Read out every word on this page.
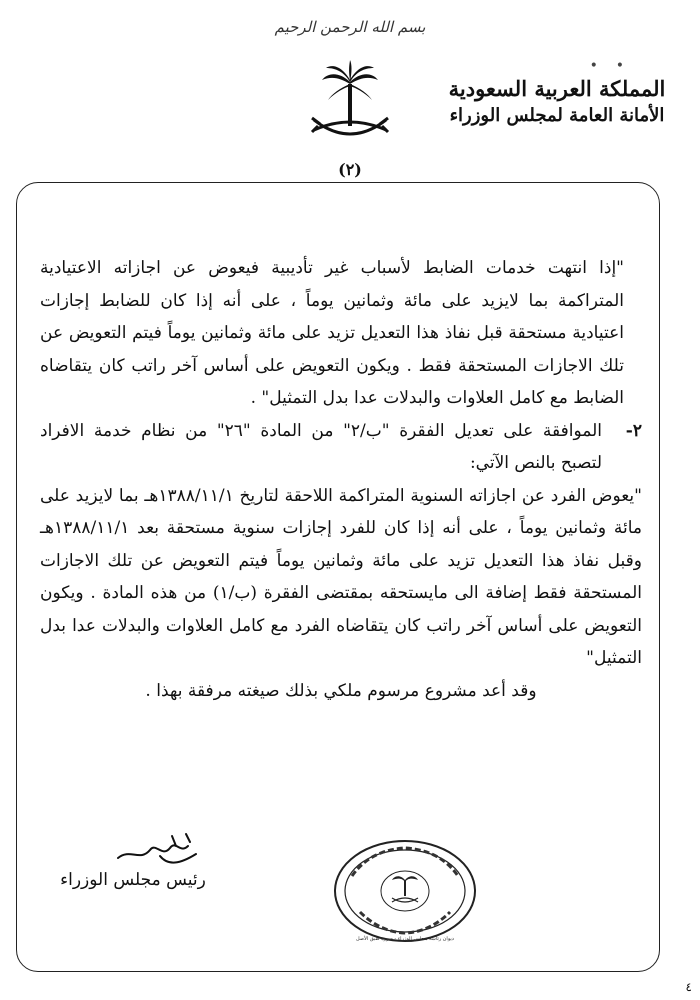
بسم الله الرحمن الرحيم
•    •
المملكة العربية السعودية
الأمانة العامة لمجلس الوزراء
(٢)

"إذا انتهت خدمات الضابط لأسباب غير تأديبية فيعوض عن اجازاته الاعتيادية المتراكمة بما لايزيد على مائة وثمانين يوماً ، على أنه إذا كان للضابط إجازات اعتيادية مستحقة قبل نفاذ هذا التعديل تزيد على مائة وثمانين يوماً فيتم التعويض عن تلك الاجازات المستحقة فقط . ويكون التعويض على أساس آخر راتب كان يتقاضاه الضابط مع كامل العلاوات والبدلات عدا بدل التمثيل" .

٢-
الموافقة على تعديل الفقرة "ب/٢" من المادة "٢٦" من نظام خدمة الافراد لتصبح بالنص الآتي:

"يعوض الفرد عن اجازاته السنوية المتراكمة اللاحقة لتاريخ ١٣٨٨/١١/١هـ بما لايزيد على مائة وثمانين يوماً ، على أنه إذا كان للفرد إجازات سنوية مستحقة بعد ١٣٨٨/١١/١هـ وقبل نفاذ هذا التعديل تزيد على مائة وثمانين يوماً فيتم التعويض عن تلك الاجازات المستحقة فقط إضافة الى مايستحقه بمقتضى الفقرة (ب/١) من هذه المادة . ويكون التعويض على أساس آخر راتب كان يتقاضاه الفرد مع كامل العلاوات والبدلات عدا بدل التمثيل"

وقد أعد مشروع مرسوم ملكي بذلك صيغته مرفقة بهذا .

رئيس مجلس الوزراء
ديوان رئاسة مجلس الوزراء - صورة طبق الأصل
٤
